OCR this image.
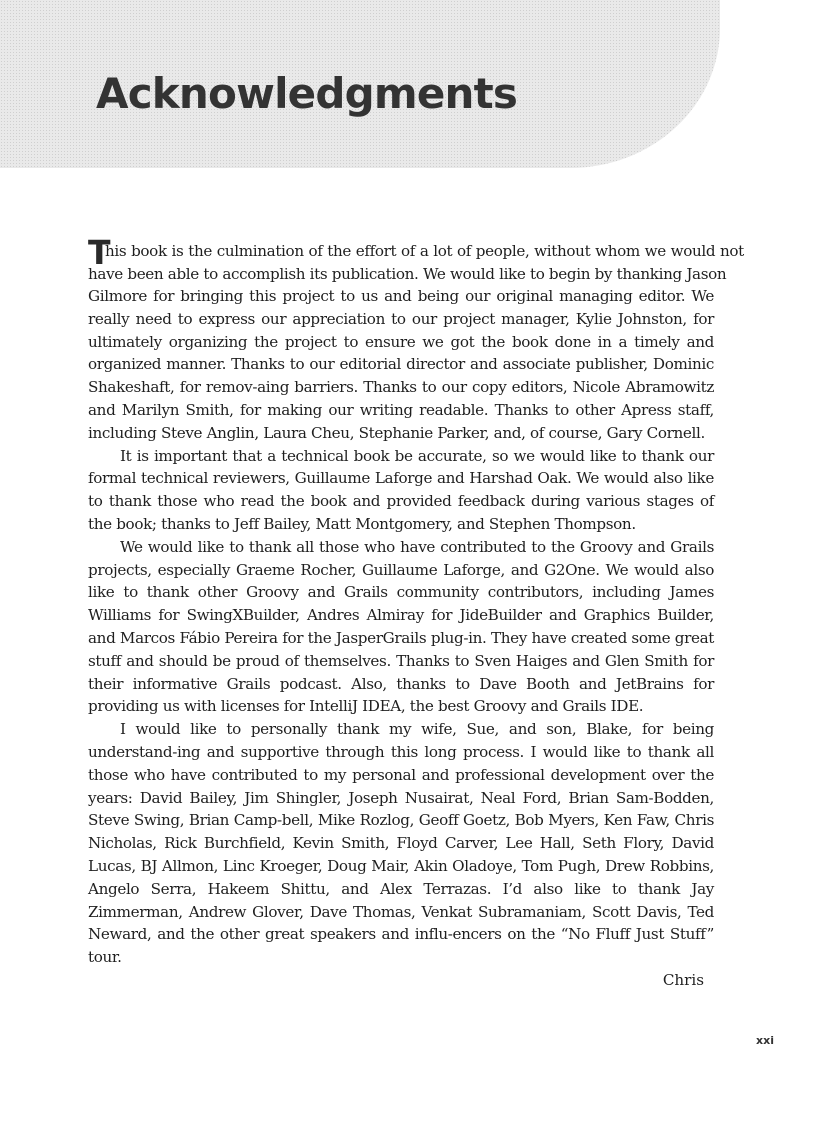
Acknowledgments
T
his book is the culmination of the effort of a lot of people, without whom we would not
have been able to accomplish its publication. We would like to begin by thanking Jason

Gilmore for bringing this project to us and being our original managing editor. We really need to express our appreciation to our project manager, Kylie Johnston, for ultimately organizing the project to ensure we got the book done in a timely and organized manner. Thanks to our editorial director and associate publisher, Dominic Shakeshaft, for remov-aing barriers. Thanks to our copy editors, Nicole Abramowitz and Marilyn Smith, for making our writing readable. Thanks to other Apress staff, including Steve Anglin, Laura Cheu, Stephanie Parker, and, of course, Gary Cornell.

It is important that a technical book be accurate, so we would like to thank our formal technical reviewers, Guillaume Laforge and Harshad Oak. We would also like to thank those who read the book and provided feedback during various stages of the book; thanks to Jeff Bailey, Matt Montgomery, and Stephen Thompson.

We would like to thank all those who have contributed to the Groovy and Grails projects, especially Graeme Rocher, Guillaume Laforge, and G2One. We would also like to thank other Groovy and Grails community contributors, including James Williams for SwingXBuilder, Andres Almiray for JideBuilder and Graphics Builder, and Marcos Fábio Pereira for the JasperGrails plug-in. They have created some great stuff and should be proud of themselves. Thanks to Sven Haiges and Glen Smith for their informative Grails podcast. Also, thanks to Dave Booth and JetBrains for providing us with licenses for IntelliJ IDEA, the best Groovy and Grails IDE.

I would like to personally thank my wife, Sue, and son, Blake, for being understand-ing and supportive through this long process. I would like to thank all those who have contributed to my personal and professional development over the years: David Bailey, Jim Shingler, Joseph Nusairat, Neal Ford, Brian Sam-Bodden, Steve Swing, Brian Camp-bell, Mike Rozlog, Geoff Goetz, Bob Myers, Ken Faw, Chris Nicholas, Rick Burchfield, Kevin Smith, Floyd Carver, Lee Hall, Seth Flory, David Lucas, BJ Allmon, Linc Kroeger, Doug Mair, Akin Oladoye, Tom Pugh, Drew Robbins, Angelo Serra, Hakeem Shittu, and Alex Terrazas. I’d also like to thank Jay Zimmerman, Andrew Glover, Dave Thomas, Venkat Subramaniam, Scott Davis, Ted Neward, and the other great speakers and influ-encers on the “No Fluff Just Stuff” tour.

Chris

xxi
